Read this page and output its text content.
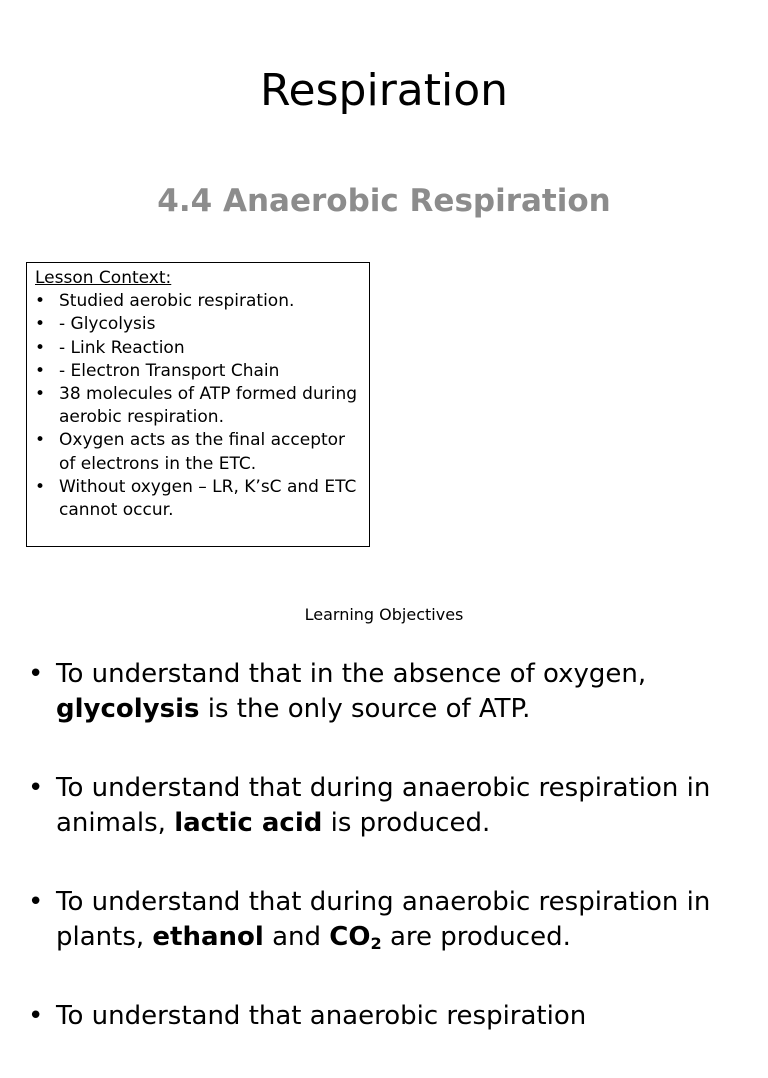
Respiration
4.4 Anaerobic Respiration
Lesson Context:
• Studied aerobic respiration.
• - Glycolysis
• - Link Reaction
• - Electron Transport Chain
• 38 molecules of ATP formed during aerobic respiration.
• Oxygen acts as the final acceptor of electrons in the ETC.
• Without oxygen – LR, K’sC and ETC cannot occur.
Learning Objectives
• To understand that in the absence of oxygen, glycolysis is the only source of ATP.
• To understand that during anaerobic respiration in animals, lactic acid is produced.
• To understand that during anaerobic respiration in plants, ethanol and $CO_2$ are produced.
• To understand that anaerobic respiration
